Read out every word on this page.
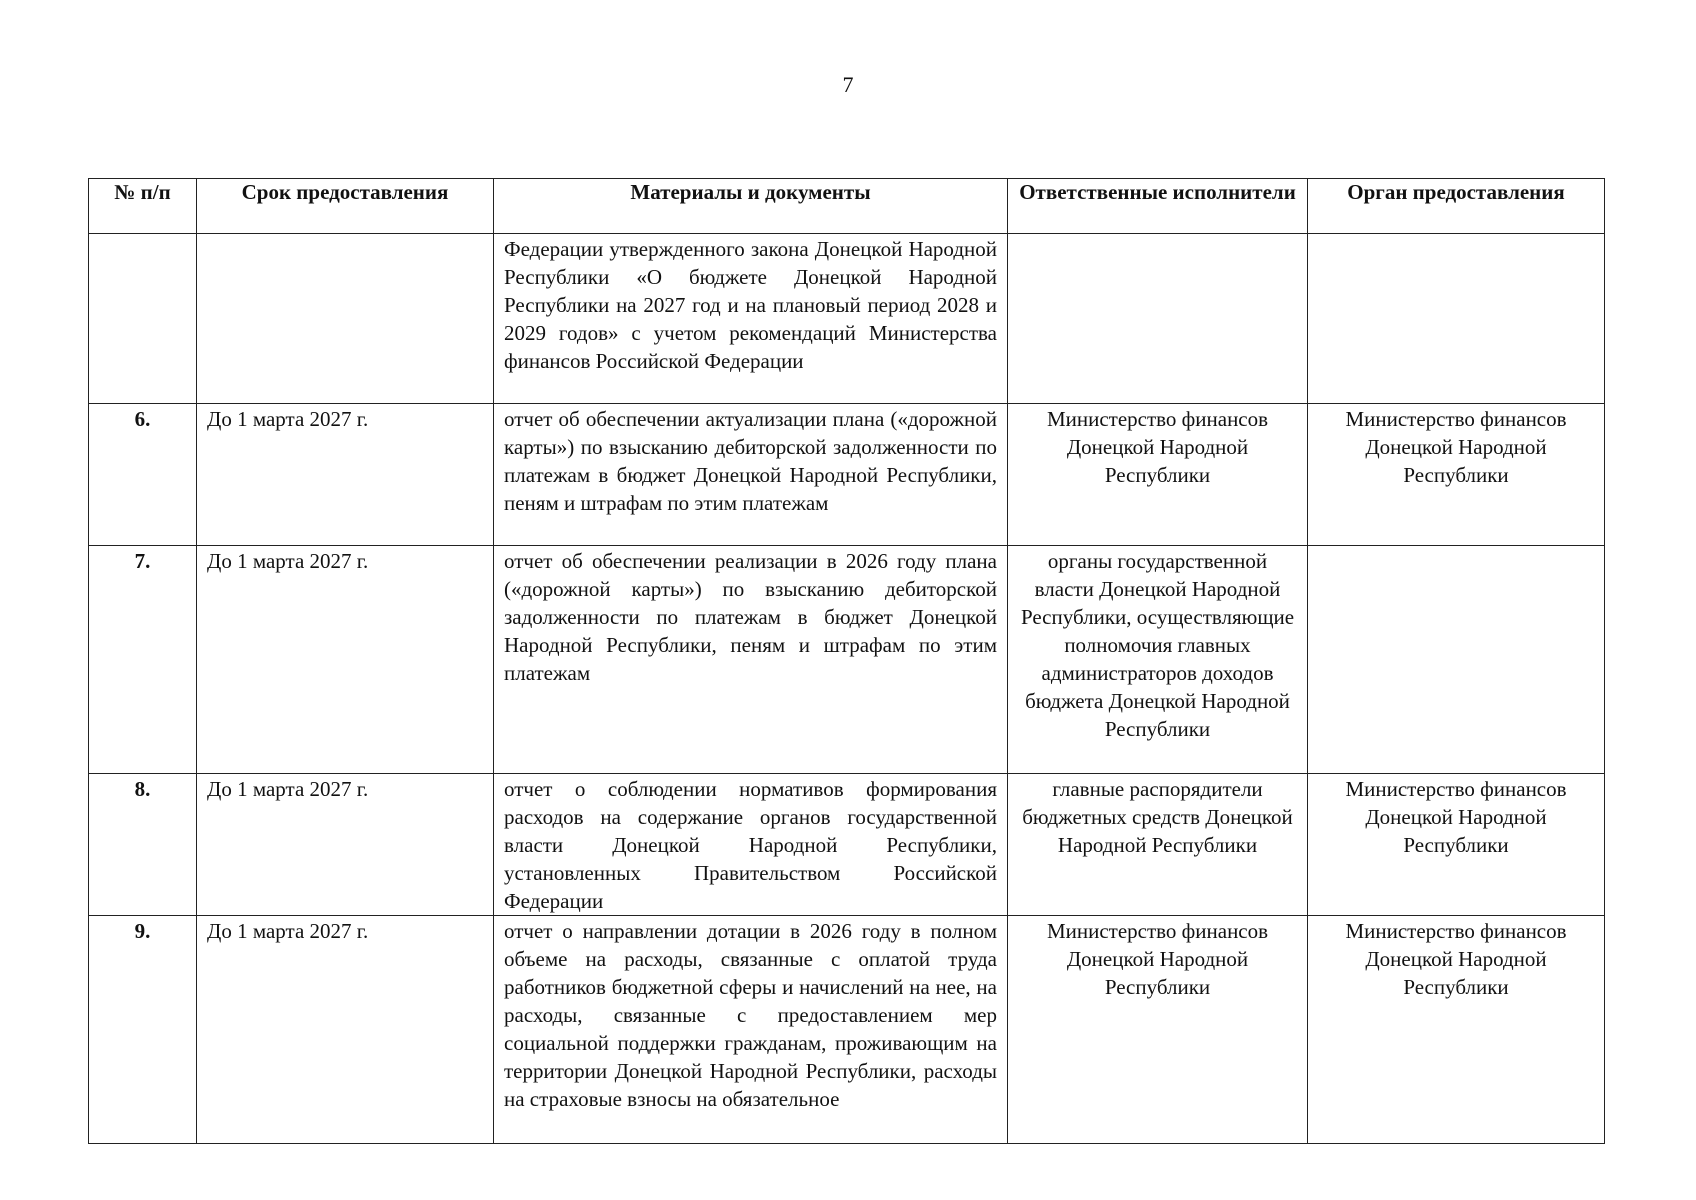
7
№ п/п	Срок предоставления	Материалы и документы	Ответственные исполнители	Орган предоставления
		Федерации утвержденного закона Донецкой Народной Республики «О бюджете Донецкой Народной Республики на 2027 год и на плановый период 2028 и 2029 годов» с учетом рекомендаций Министерства финансов Российской Федерации		
6.	До 1 марта 2027 г.	отчет об обеспечении актуализации плана («дорожной карты») по взысканию дебиторской задолженности по платежам в бюджет Донецкой Народной Республики, пеням и штрафам по этим платежам	Министерство финансов Донецкой Народной Республики	Министерство финансов Донецкой Народной Республики
7.	До 1 марта 2027 г.	отчет об обеспечении реализации в 2026 году плана («дорожной карты») по взысканию дебиторской задолженности по платежам в бюджет Донецкой Народной Республики, пеням и штрафам по этим платежам	органы государственной власти Донецкой Народной Республики, осуществляющие полномочия главных администраторов доходов бюджета Донецкой Народной Республики	
8.	До 1 марта 2027 г.	отчет о соблюдении нормативов формирования расходов на содержание органов государственной власти Донецкой Народной Республики, установленных Правительством Российской Федерации	главные распорядители бюджетных средств Донецкой Народной Республики	Министерство финансов Донецкой Народной Республики
9.	До 1 марта 2027 г.	отчет о направлении дотации в 2026 году в полном объеме на расходы, связанные с оплатой труда работников бюджетной сферы и начислений на нее, на расходы, связанные с предоставлением мер социальной поддержки гражданам, проживающим на территории Донецкой Народной Республики, расходы на страховые взносы на обязательное	Министерство финансов Донецкой Народной Республики	Министерство финансов Донецкой Народной Республики
